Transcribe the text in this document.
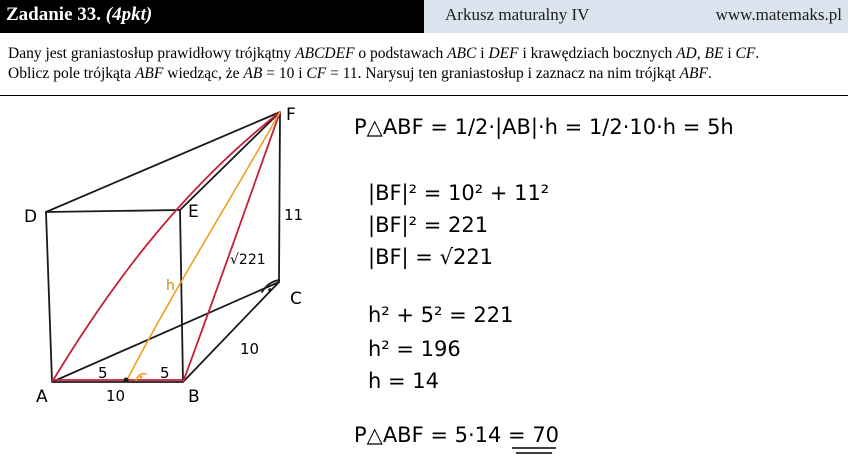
Zadanie 33. (4pkt)	Arkusz maturalny IV	www.matemaks.pl

Dany jest graniastosłup prawidłowy trójkątny ABCDEF o podstawach ABC i DEF i krawędziach bocznych AD, BE i CF.

Oblicz pole trójkąta ABF wiedząc, że AB = 10 i CF = 11. Narysuj ten graniastosłup i zaznacz na nim trójkąt ABF.

A	B
C
D	E
F
11
10
5	5
10
√221
h
P△ABF = 1/2·|AB|·h = 1/2·10·h = 5h
|BF|² = 10² + 11²
|BF|² = 221
|BF| = √221
h² + 5² = 221
h² = 196
h = 14
P△ABF = 5·14 = 70
